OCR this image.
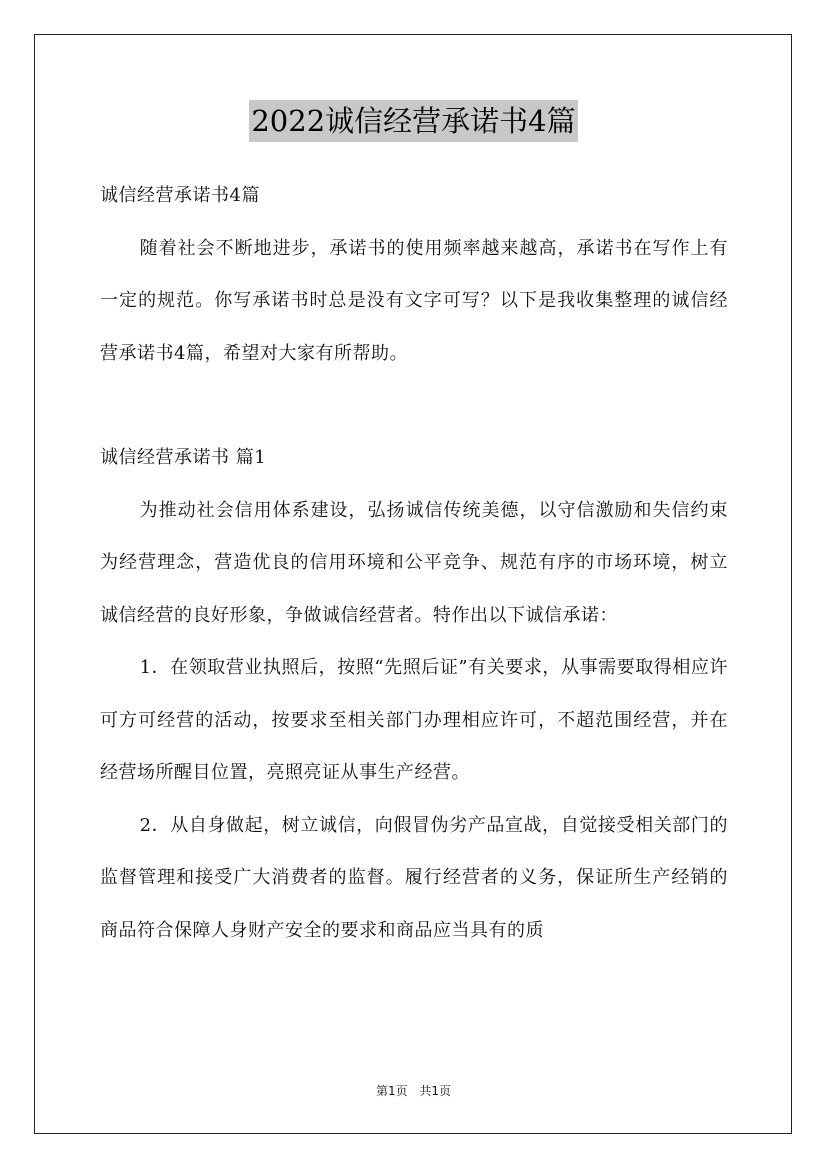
2022诚信经营承诺书4篇

诚信经营承诺书4篇

随着社会不断地进步，承诺书的使用频率越来越高，承诺书在写作上有一定的规范。你写承诺书时总是没有文字可写？以下是我收集整理的诚信经营承诺书4篇，希望对大家有所帮助。

诚信经营承诺书 篇1

为推动社会信用体系建设，弘扬诚信传统美德，以守信激励和失信约束为经营理念，营造优良的信用环境和公平竞争、规范有序的市场环境，树立诚信经营的良好形象，争做诚信经营者。特作出以下诚信承诺：

1．在领取营业执照后，按照“先照后证”有关要求，从事需要取得相应许可方可经营的活动，按要求至相关部门办理相应许可，不超范围经营，并在经营场所醒目位置，亮照亮证从事生产经营。

2．从自身做起，树立诚信，向假冒伪劣产品宣战，自觉接受相关部门的监督管理和接受广大消费者的监督。履行经营者的义务，保证所生产经销的商品符合保障人身财产安全的要求和商品应当具有的质

第1页 共1页
